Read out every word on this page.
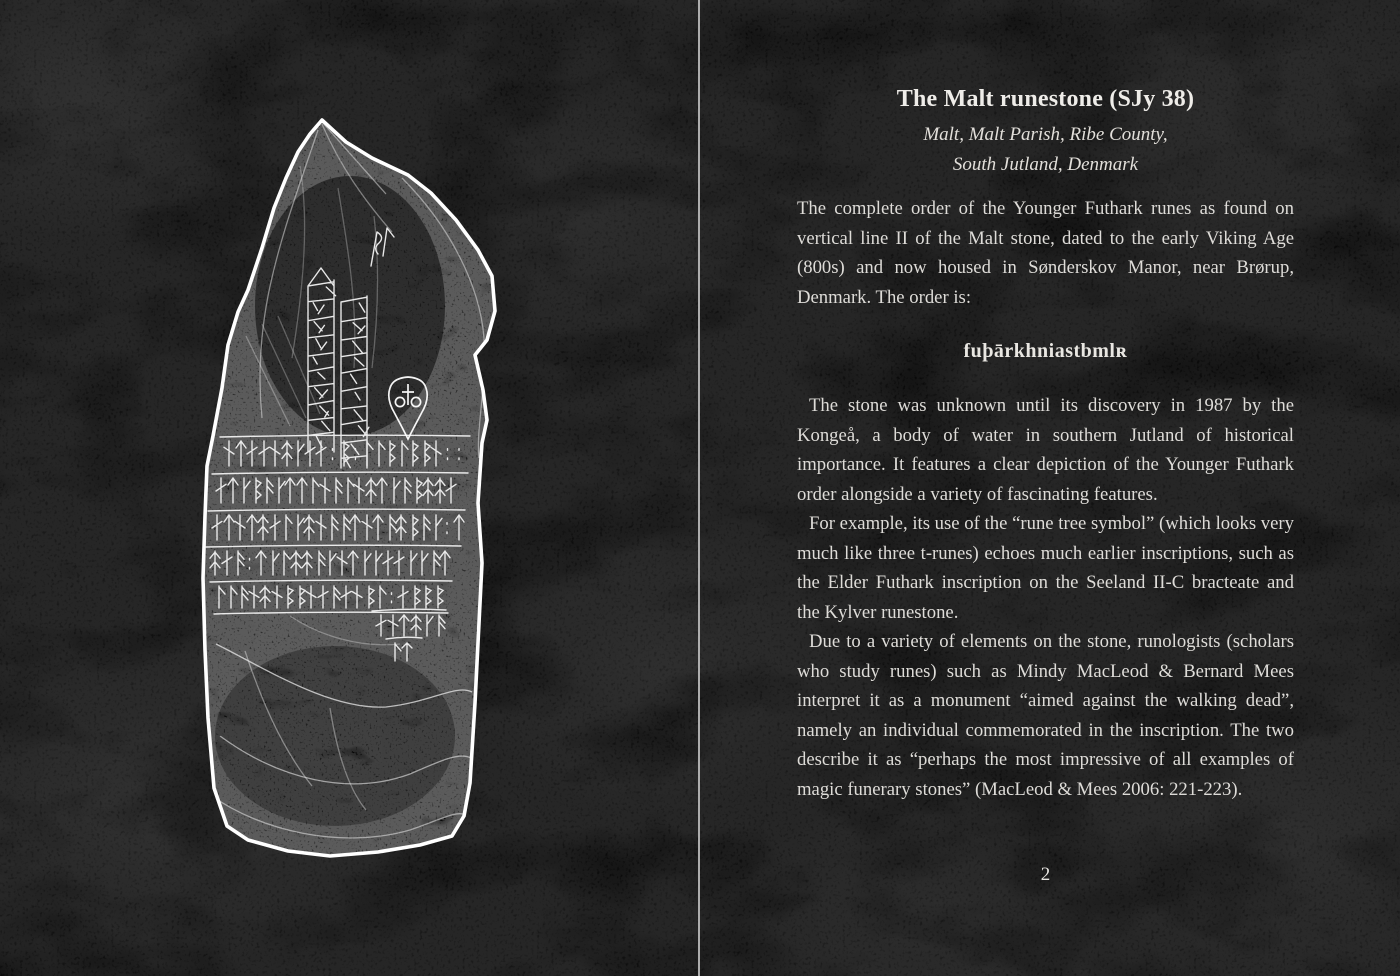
The Malt runestone (SJy 38)
Malt, Malt Parish, Ribe County,
South Jutland, Denmark

The complete order of the Younger Futhark runes as found on vertical line II of the Malt stone, dated to the early Viking Age (800s) and now housed in Sønderskov Manor, near Brørup, Denmark. The order is:

fuþārkhniastbmlʀ

The stone was unknown until its discovery in 1987 by the Kongeå, a body of water in southern Jutland of historical importance. It features a clear depiction of the Younger Futhark order alongside a variety of fascinating features.

For example, its use of the “rune tree symbol” (which looks very much like three t-runes) echoes much earlier inscriptions, such as the Elder Futhark inscription on the Seeland II-C bracteate and the Kylver runestone.

Due to a variety of elements on the stone, runologists (scholars who study runes) such as Mindy MacLeod & Bernard Mees interpret it as a monument “aimed against the walking dead”, namely an individual commemorated in the inscription. The two describe it as “perhaps the most impressive of all examples of magic funerary stones” (MacLeod & Mees 2006: 221-223).

2
